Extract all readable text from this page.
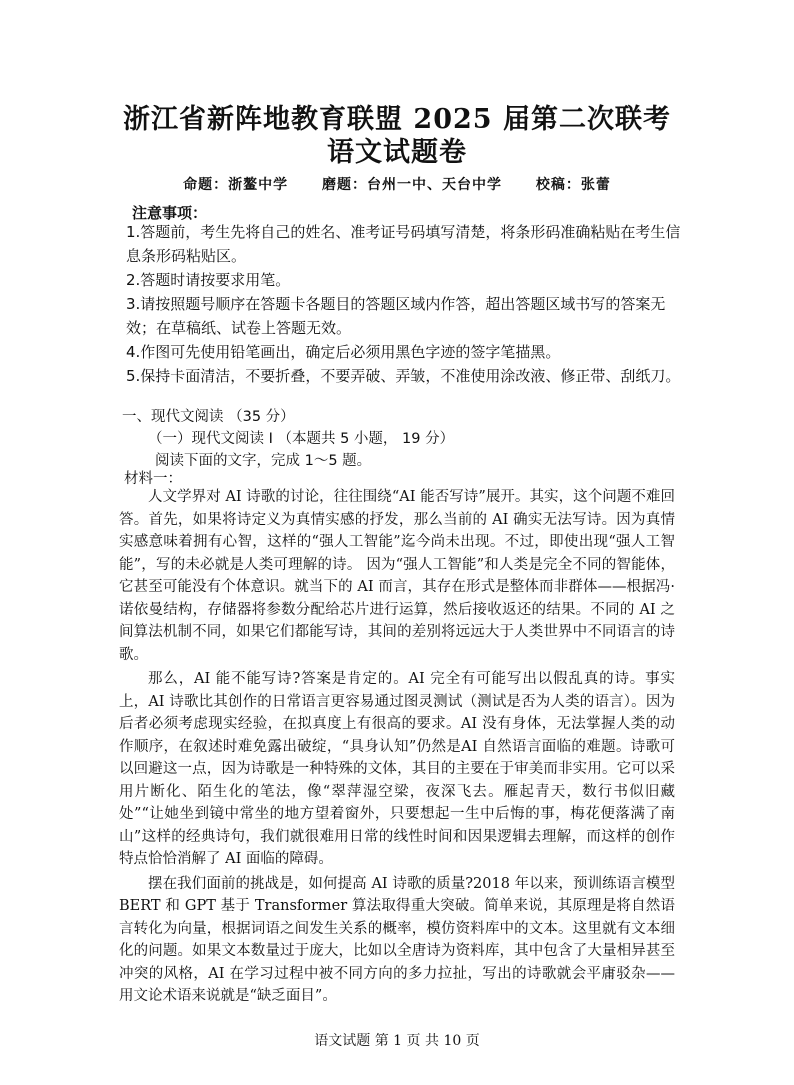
浙江省新阵地教育联盟 2025 届第二次联考
语文试题卷
命题：浙鳌中学 磨题：台州一中、天台中学 校稿：张蕾
注意事项：

1.答题前，考生先将自己的姓名、准考证号码填写清楚，将条形码准确粘贴在考生信息条形码粘贴区。

2.答题时请按要求用笔。

3.请按照题号顺序在答题卡各题目的答题区域内作答，超出答题区域书写的答案无效；在草稿纸、试卷上答题无效。

4.作图可先使用铅笔画出，确定后必须用黑色字迹的签字笔描黑。

5.保持卡面清洁，不要折叠，不要弄破、弄皱，不准使用涂改液、修正带、刮纸刀。

一、现代文阅读 （35 分）
（一）现代文阅读 I （本题共 5 小题， 19 分）
阅读下面的文字，完成 1～5 题。
材料一：

人文学界对 AI 诗歌的讨论，往往围绕“AI 能否写诗”展开。其实，这个问题不难回答。首先，如果将诗定义为真情实感的抒发，那么当前的 AI 确实无法写诗。因为真情实感意味着拥有心智，这样的“强人工智能”迄今尚未出现。不过，即使出现“强人工智能”，写的未必就是人类可理解的诗。 因为“强人工智能”和人类是完全不同的智能体，它甚至可能没有个体意识。就当下的 AI 而言，其存在形式是整体而非群体——根据冯·诺依曼结构，存储器将参数分配给芯片进行运算，然后接收返还的结果。不同的 AI 之间算法机制不同，如果它们都能写诗，其间的差别将远远大于人类世界中不同语言的诗歌。

那么，AI 能不能写诗?答案是肯定的。AI 完全有可能写出以假乱真的诗。事实上，AI 诗歌比其创作的日常语言更容易通过图灵测试（测试是否为人类的语言）。因为后者必须考虑现实经验，在拟真度上有很高的要求。AI 没有身体，无法掌握人类的动作顺序，在叙述时难免露出破绽，“具身认知”仍然是AI 自然语言面临的难题。诗歌可以回避这一点，因为诗歌是一种特殊的文体，其目的主要在于审美而非实用。它可以采用片断化、陌生化的笔法，像“翠萍湿空梁，夜深飞去。雁起青天，数行书似旧藏处”“让她坐到镜中常坐的地方望着窗外，只要想起一生中后悔的事，梅花便落满了南山”这样的经典诗句，我们就很难用日常的线性时间和因果逻辑去理解，而这样的创作特点恰恰消解了 AI 面临的障碍。

摆在我们面前的挑战是，如何提高 AI 诗歌的质量?2018 年以来，预训练语言模型 BERT 和 GPT 基于 Transformer 算法取得重大突破。简单来说，其原理是将自然语言转化为向量，根据词语之间发生关系的概率，模仿资料库中的文本。这里就有文本细化的问题。如果文本数量过于庞大，比如以全唐诗为资料库，其中包含了大量相异甚至冲突的风格，AI 在学习过程中被不同方向的多力拉扯，写出的诗歌就会平庸驳杂——用文论术语来说就是“缺乏面目”。

语文试题 第 1 页 共 10 页
